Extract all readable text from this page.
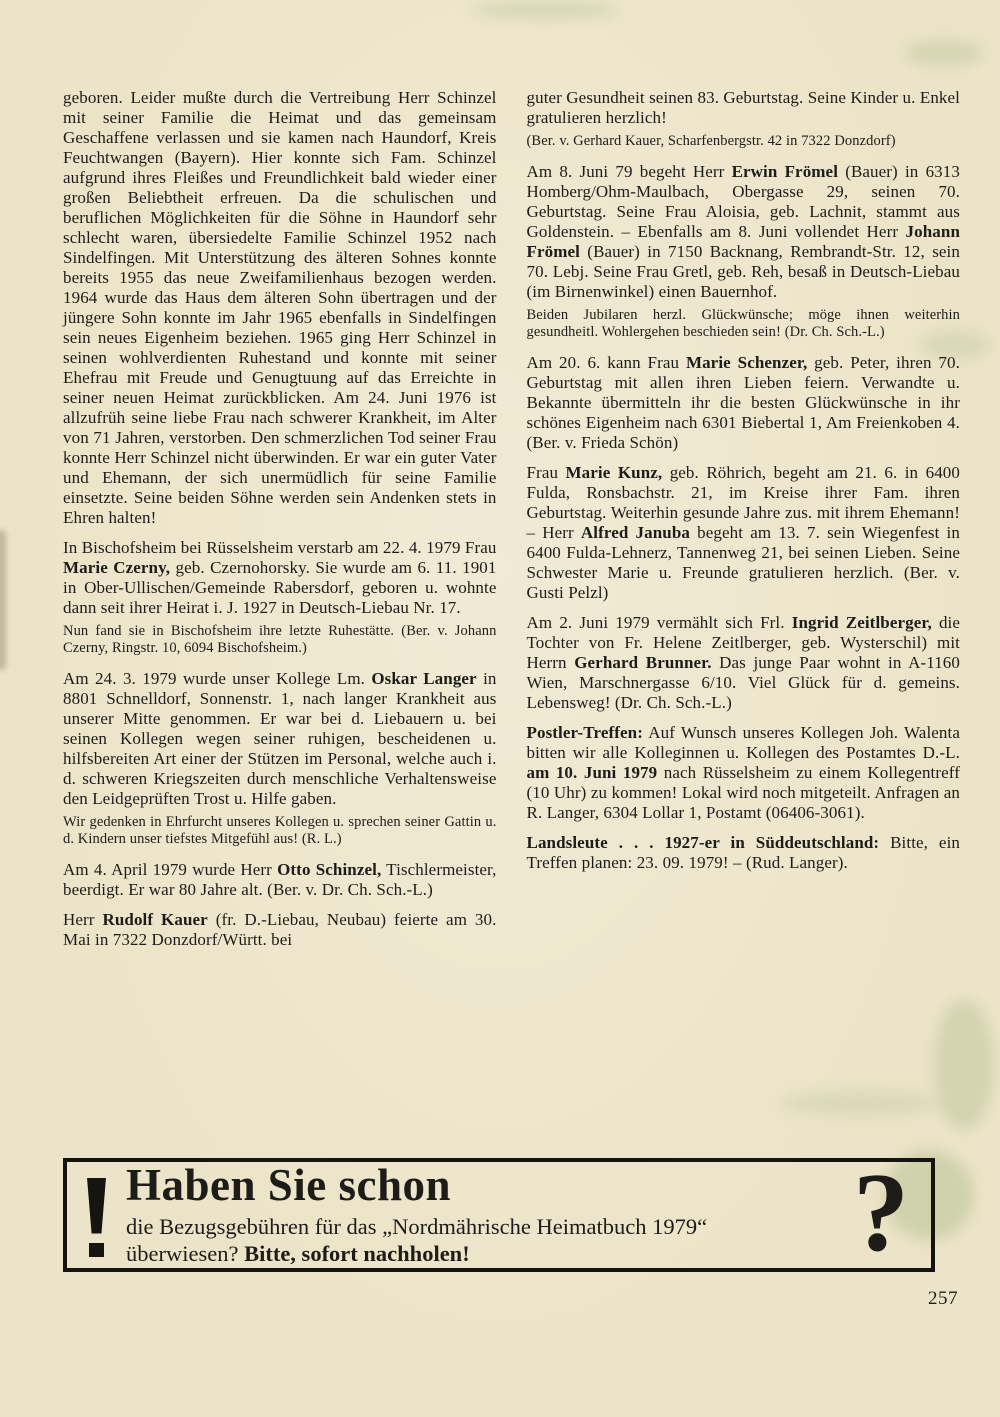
geboren. Leider mußte durch die Vertreibung Herr Schinzel mit seiner Familie die Heimat und das gemeinsam Geschaffene verlassen und sie kamen nach Haundorf, Kreis Feuchtwangen (Bayern). Hier konnte sich Fam. Schinzel aufgrund ihres Fleißes und Freundlichkeit bald wieder einer großen Beliebtheit erfreuen. Da die schulischen und beruflichen Möglichkeiten für die Söhne in Haundorf sehr schlecht waren, übersiedelte Familie Schinzel 1952 nach Sindelfingen. Mit Unterstützung des älteren Sohnes konnte bereits 1955 das neue Zweifamilienhaus bezogen werden. 1964 wurde das Haus dem älteren Sohn übertragen und der jüngere Sohn konnte im Jahr 1965 ebenfalls in Sindelfingen sein neues Eigenheim beziehen. 1965 ging Herr Schinzel in seinen wohlverdienten Ruhestand und konnte mit seiner Ehefrau mit Freude und Genugtuung auf das Erreichte in seiner neuen Heimat zurückblicken. Am 24. Juni 1976 ist allzufrüh seine liebe Frau nach schwerer Krankheit, im Alter von 71 Jahren, verstorben. Den schmerzlichen Tod seiner Frau konnte Herr Schinzel nicht überwinden. Er war ein guter Vater und Ehemann, der sich unermüdlich für seine Familie einsetzte. Seine beiden Söhne werden sein Andenken stets in Ehren halten!

In Bischofsheim bei Rüsselsheim verstarb am 22. 4. 1979 Frau Marie Czerny, geb. Czernohorsky. Sie wurde am 6. 11. 1901 in Ober-Ullischen/Gemeinde Rabersdorf, geboren u. wohnte dann seit ihrer Heirat i. J. 1927 in Deutsch-Liebau Nr. 17.

Nun fand sie in Bischofsheim ihre letzte Ruhestätte. (Ber. v. Johann Czerny, Ringstr. 10, 6094 Bischofsheim.)

Am 24. 3. 1979 wurde unser Kollege Lm. Oskar Langer in 8801 Schnelldorf, Sonnenstr. 1, nach langer Krankheit aus unserer Mitte genommen. Er war bei d. Liebauern u. bei seinen Kollegen wegen seiner ruhigen, bescheidenen u. hilfsbereiten Art einer der Stützen im Personal, welche auch i. d. schweren Kriegszeiten durch menschliche Verhaltensweise den Leidgeprüften Trost u. Hilfe gaben.

Wir gedenken in Ehrfurcht unseres Kollegen u. sprechen seiner Gattin u. d. Kindern unser tiefstes Mitgefühl aus! (R. L.)

Am 4. April 1979 wurde Herr Otto Schinzel, Tischlermeister, beerdigt. Er war 80 Jahre alt. (Ber. v. Dr. Ch. Sch.-L.)

Herr Rudolf Kauer (fr. D.-Liebau, Neubau) feierte am 30. Mai in 7322 Donzdorf/Württ. bei

guter Gesundheit seinen 83. Geburtstag. Seine Kinder u. Enkel gratulieren herzlich!

(Ber. v. Gerhard Kauer, Scharfenbergstr. 42 in 7322 Donzdorf)

Am 8. Juni 79 begeht Herr Erwin Frömel (Bauer) in 6313 Homberg/Ohm-Maulbach, Obergasse 29, seinen 70. Geburtstag. Seine Frau Aloisia, geb. Lachnit, stammt aus Goldenstein. – Ebenfalls am 8. Juni vollendet Herr Johann Frömel (Bauer) in 7150 Backnang, Rembrandt-Str. 12, sein 70. Lebj. Seine Frau Gretl, geb. Reh, besaß in Deutsch-Liebau (im Birnenwinkel) einen Bauernhof.

Beiden Jubilaren herzl. Glückwünsche; möge ihnen weiterhin gesundheitl. Wohlergehen beschieden sein! (Dr. Ch. Sch.-L.)

Am 20. 6. kann Frau Marie Schenzer, geb. Peter, ihren 70. Geburtstag mit allen ihren Lieben feiern. Verwandte u. Bekannte übermitteln ihr die besten Glückwünsche in ihr schönes Eigenheim nach 6301 Biebertal 1, Am Freienkoben 4. (Ber. v. Frieda Schön)

Frau Marie Kunz, geb. Röhrich, begeht am 21. 6. in 6400 Fulda, Ronsbachstr. 21, im Kreise ihrer Fam. ihren Geburtstag. Weiterhin gesunde Jahre zus. mit ihrem Ehemann! – Herr Alfred Januba begeht am 13. 7. sein Wiegenfest in 6400 Fulda-Lehnerz, Tannenweg 21, bei seinen Lieben. Seine Schwester Marie u. Freunde gratulieren herzlich. (Ber. v. Gusti Pelzl)

Am 2. Juni 1979 vermählt sich Frl. Ingrid Zeitlberger, die Tochter von Fr. Helene Zeitlberger, geb. Wysterschil) mit Herrn Gerhard Brunner. Das junge Paar wohnt in A-1160 Wien, Marschnergasse 6/10. Viel Glück für d. gemeins. Lebensweg! (Dr. Ch. Sch.-L.)

Postler-Treffen: Auf Wunsch unseres Kollegen Joh. Walenta bitten wir alle Kolleginnen u. Kollegen des Postamtes D.-L. am 10. Juni 1979 nach Rüsselsheim zu einem Kollegentreff (10 Uhr) zu kommen! Lokal wird noch mitgeteilt. Anfragen an R. Langer, 6304 Lollar 1, Postamt (06406-3061).

Landsleute . . . 1927-er in Süddeutschland: Bitte, ein Treffen planen: 23. 09. 1979! – (Rud. Langer).

Haben Sie schon
die Bezugsgebühren für das „Nordmährische Heimatbuch 1979“
überwiesen? Bitte, sofort nachholen!	?
257
